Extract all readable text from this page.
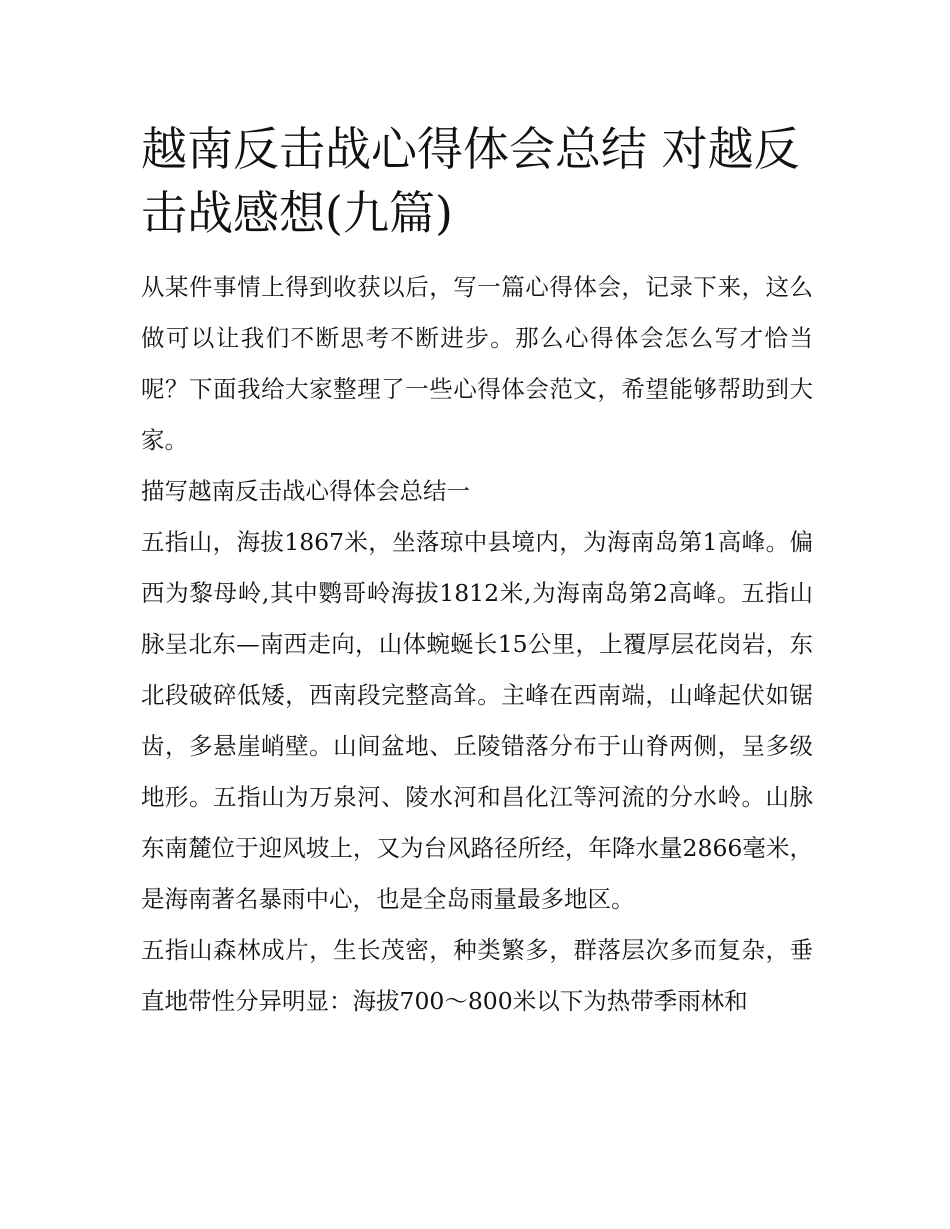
越南反击战心得体会总结 对越反击战感想(九篇)

从某件事情上得到收获以后，写一篇心得体会，记录下来，这么做可以让我们不断思考不断进步。那么心得体会怎么写才恰当呢？下面我给大家整理了一些心得体会范文，希望能够帮助到大家。

描写越南反击战心得体会总结一

五指山，海拔1867米，坐落琼中县境内，为海南岛第1高峰。偏西为黎母岭,其中鹦哥岭海拔1812米,为海南岛第2高峰。五指山脉呈北东—南西走向，山体蜿蜒长15公里，上覆厚层花岗岩，东北段破碎低矮，西南段完整高耸。主峰在西南端，山峰起伏如锯齿，多悬崖峭壁。山间盆地、丘陵错落分布于山脊两侧，呈多级地形。五指山为万泉河、陵水河和昌化江等河流的分水岭。山脉东南麓位于迎风坡上，又为台风路径所经，年降水量2866毫米，是海南著名暴雨中心，也是全岛雨量最多地区。

五指山森林成片，生长茂密，种类繁多，群落层次多而复杂，垂直地带性分异明显：海拔700～800米以下为热带季雨林和
